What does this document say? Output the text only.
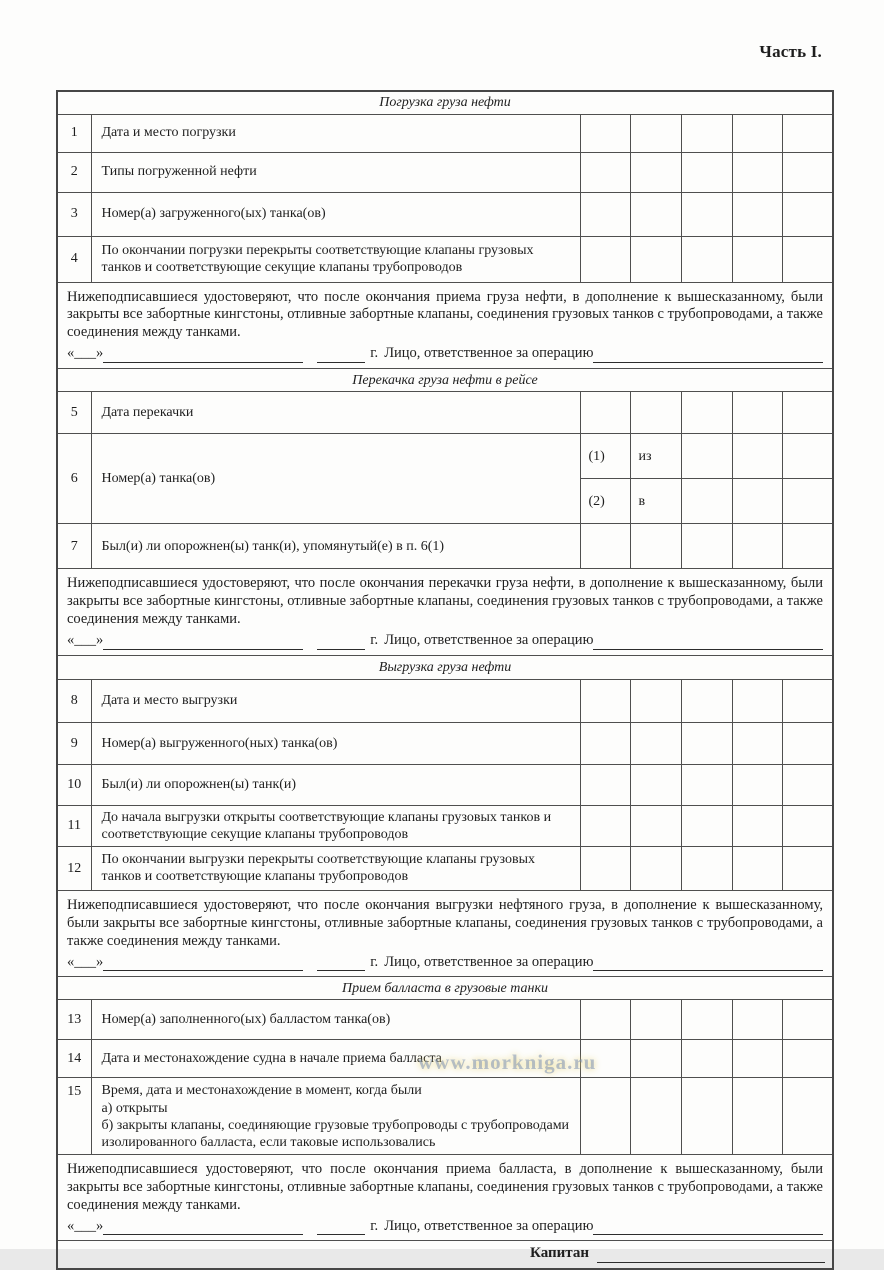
Часть I.
Погрузка груза нефти						
1	Дата и место погрузки					
2	Типы погруженной нефти					
3	Номер(а) загруженного(ых) танка(ов)					
4	По окончании погрузки перекрыты соответствующие клапаны грузовых танков и соответствующие секущие клапаны трубопроводов					

Нижеподписавшиеся удостоверяют, что после окончания приема груза нефти, в дополнение к вышесказанному, были закрыты все забортные кингстоны, отливные забортные клапаны, соединения грузовых танков с трубопроводами, а также соединения между танками.

«___» г. Лицо, ответственное за операцию						

Перекачка груза нефти в рейсе						
5	Дата перекачки					
6	Номер(а) танка(ов)	(1)	из			
		(2)	в			
7	Был(и) ли опорожнен(ы) танк(и), упомянутый(е) в п. 6(1)					

Нижеподписавшиеся удостоверяют, что после окончания перекачки груза нефти, в дополнение к вышесказанному, были закрыты все забортные кингстоны, отливные забортные клапаны, соединения грузовых танков с трубопроводами, а также соединения между танками.

«___» г. Лицо, ответственное за операцию						

Выгрузка груза нефти						
8	Дата и место выгрузки					
9	Номер(а) выгруженного(ных) танка(ов)					
10	Был(и) ли опорожнен(ы) танк(и)					
11	До начала выгрузки открыты соответствующие клапаны грузовых танков и соответствующие секущие клапаны трубопроводов					
12	По окончании выгрузки перекрыты соответствующие клапаны грузовых танков и соответствующие клапаны трубопроводов					

Нижеподписавшиеся удостоверяют, что после окончания выгрузки нефтяного груза, в дополнение к вышесказанному, были закрыты все забортные кингстоны, отливные забортные клапаны, соединения грузовых танков с трубопроводами, а также соединения между танками.

«___» г. Лицо, ответственное за операцию						

Прием балласта в грузовые танки						
13	Номер(а) заполненного(ых) балластом танка(ов)					
14	Дата и местонахождение судна в начале приема балласта					
15	Время, дата и местонахождение в момент, когда были
а) открыты
б) закрыты клапаны, соединяющие грузовые трубопроводы с трубопроводами изолированного балласта, если таковые использовались					

Нижеподписавшиеся удостоверяют, что после окончания приема балласта, в дополнение к вышесказанному, были закрыты все забортные кингстоны, отливные забортные клапаны, соединения грузовых танков с трубопроводами, а также соединения между танками.

«___» г. Лицо, ответственное за операцию						

Капитан						
www.morkniga.ru
